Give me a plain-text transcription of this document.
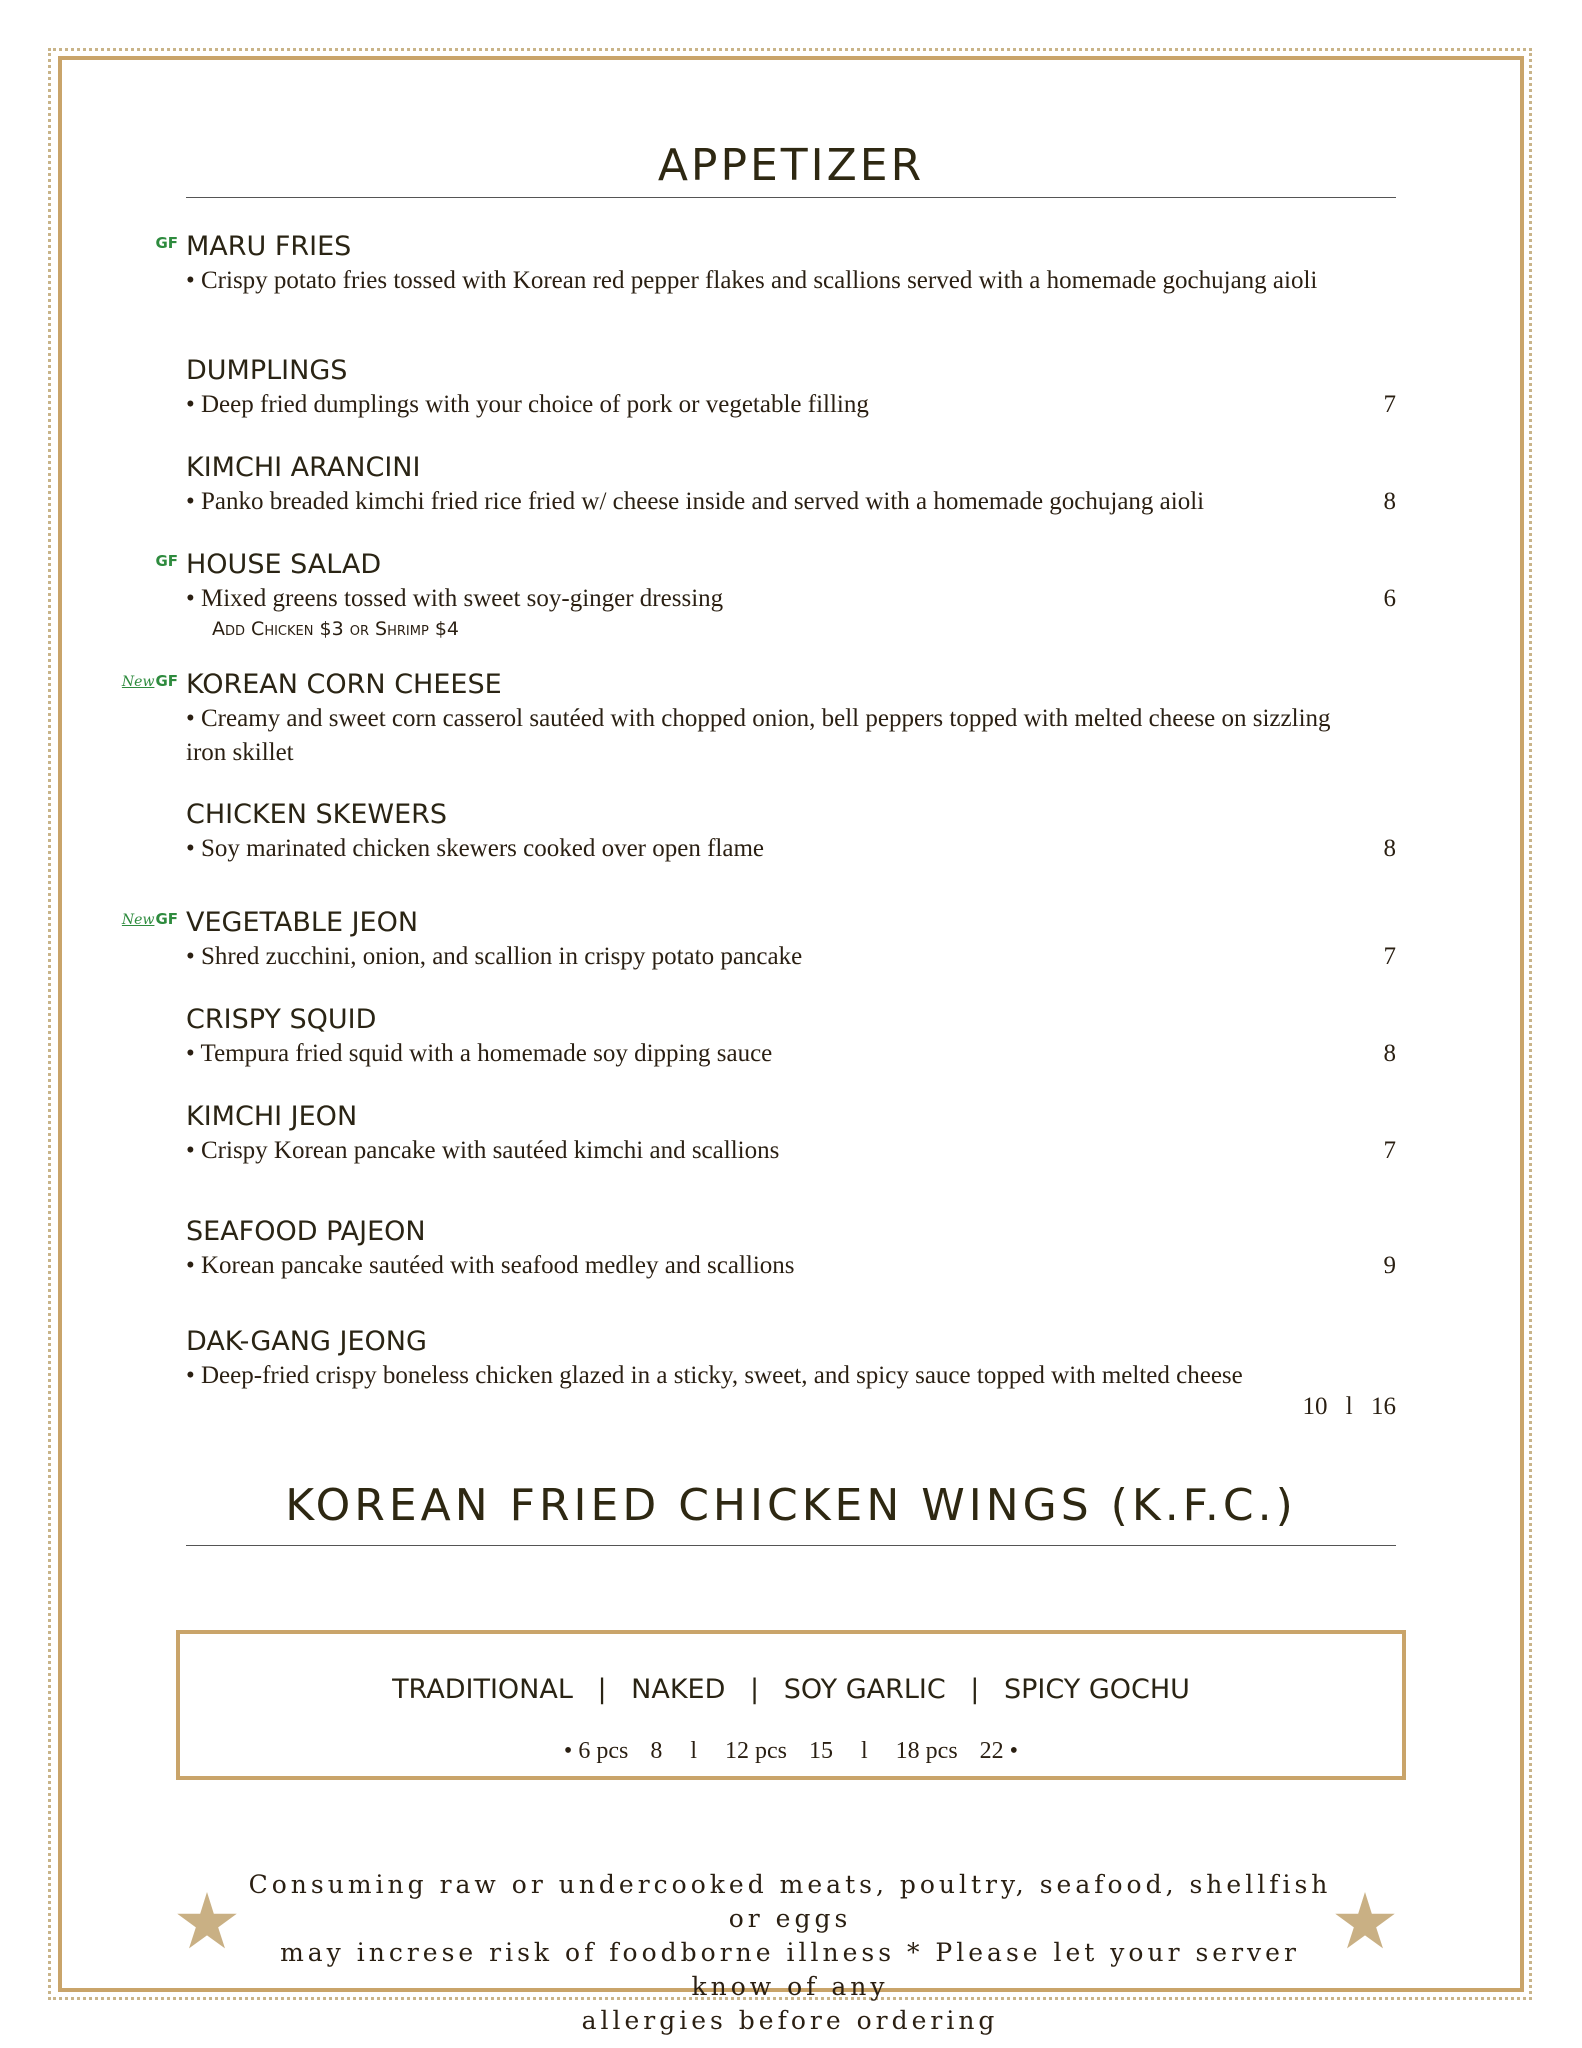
APPETIZER
GF MARU FRIES
• Crispy potato fries tossed with Korean red pepper flakes and scallions served with a homemade gochujang aioli
DUMPLINGS
• Deep fried dumplings with your choice of pork or vegetable filling	7
KIMCHI ARANCINI
• Panko breaded kimchi fried rice fried w/ cheese inside and served with a homemade gochujang aioli	8
GF HOUSE SALAD
• Mixed greens tossed with sweet soy-ginger dressing	6
Add Chicken $3 or Shrimp $4
NewGF KOREAN CORN CHEESE
• Creamy and sweet corn casserol sautéed with chopped onion, bell peppers topped with melted cheese on sizzling iron skillet
CHICKEN SKEWERS
• Soy marinated chicken skewers cooked over open flame	8
NewGF VEGETABLE JEON
• Shred zucchini, onion, and scallion in crispy potato pancake	7
CRISPY SQUID
• Tempura fried squid with a homemade soy dipping sauce	8
KIMCHI JEON
• Crispy Korean pancake with sautéed kimchi and scallions	7
SEAFOOD PAJEON
• Korean pancake sautéed with seafood medley and scallions	9
DAK-GANG JEONG
• Deep-fried crispy boneless chicken glazed in a sticky, sweet, and spicy sauce topped with melted cheese
10 l 16
KOREAN FRIED CHICKEN WINGS (K.F.C.)
TRADITIONAL | NAKED | SOY GARLIC | SPICY GOCHU
• 6 pcs 8 l 12 pcs 15 l 18 pcs 22 •
Consuming raw or undercooked meats, poultry, seafood, shellfish or eggs
may increse risk of foodborne illness * Please let your server know of any
allergies before ordering
